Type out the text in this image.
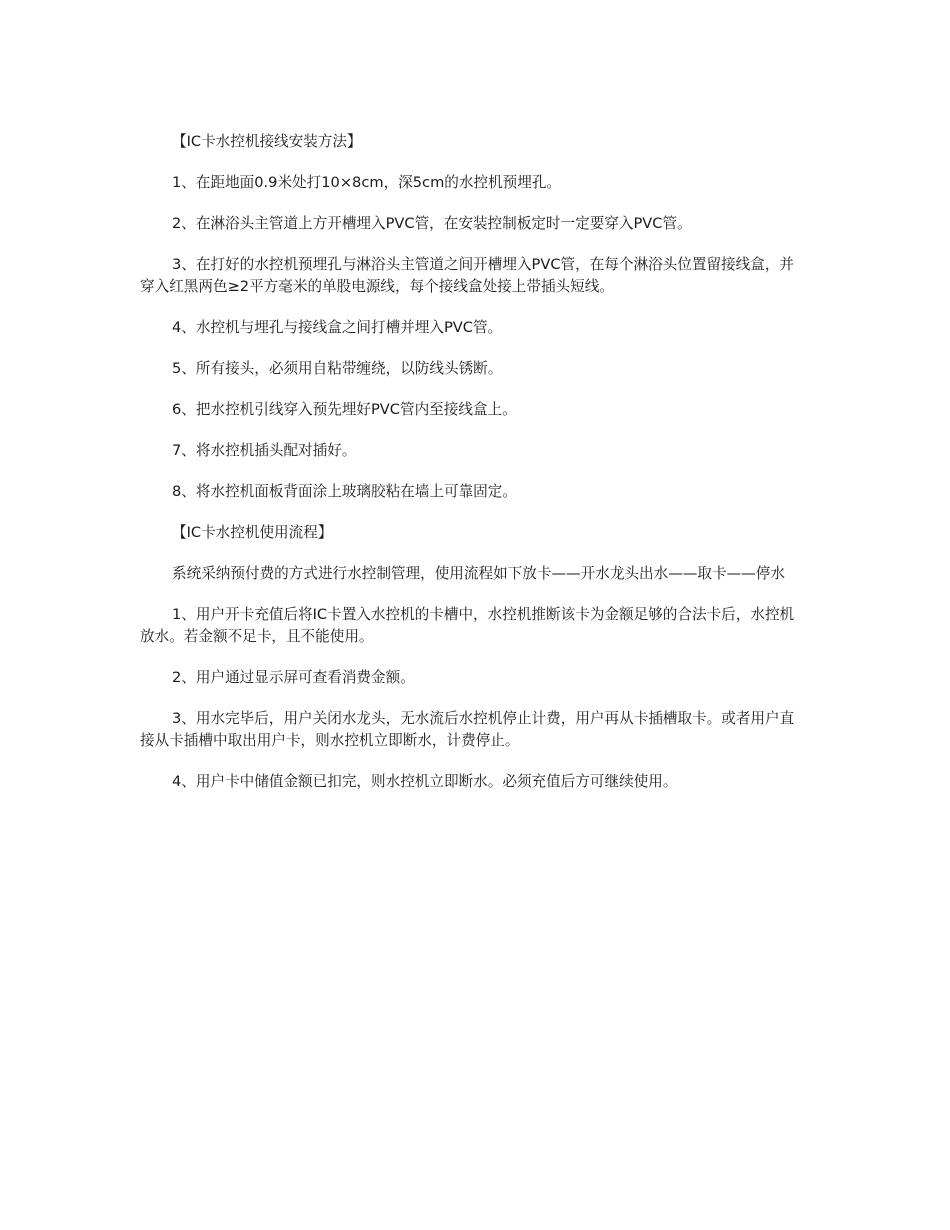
【IC卡水控机接线安装方法】

1、在距地面0.9米处打10×8cm，深5cm的水控机预埋孔。

2、在淋浴头主管道上方开槽埋入PVC管，在安装控制板定时一定要穿入PVC管。

3、在打好的水控机预埋孔与淋浴头主管道之间开槽埋入PVC管，在每个淋浴头位置留接线盒，并穿入红黑两色≥2平方毫米的单股电源线，每个接线盒处接上带插头短线。

4、水控机与埋孔与接线盒之间打槽并埋入PVC管。

5、所有接头，必须用自粘带缠绕，以防线头锈断。

6、把水控机引线穿入预先埋好PVC管内至接线盒上。

7、将水控机插头配对插好。

8、将水控机面板背面涂上玻璃胶粘在墙上可靠固定。

【IC卡水控机使用流程】

系统采纳预付费的方式进行水控制管理，使用流程如下放卡——开水龙头出水——取卡——停水

1、用户开卡充值后将IC卡置入水控机的卡槽中，水控机推断该卡为金额足够的合法卡后，水控机放水。若金额不足卡，且不能使用。

2、用户通过显示屏可查看消费金额。

3、用水完毕后，用户关闭水龙头，无水流后水控机停止计费，用户再从卡插槽取卡。或者用户直接从卡插槽中取出用户卡，则水控机立即断水，计费停止。

4、用户卡中储值金额已扣完，则水控机立即断水。必须充值后方可继续使用。
